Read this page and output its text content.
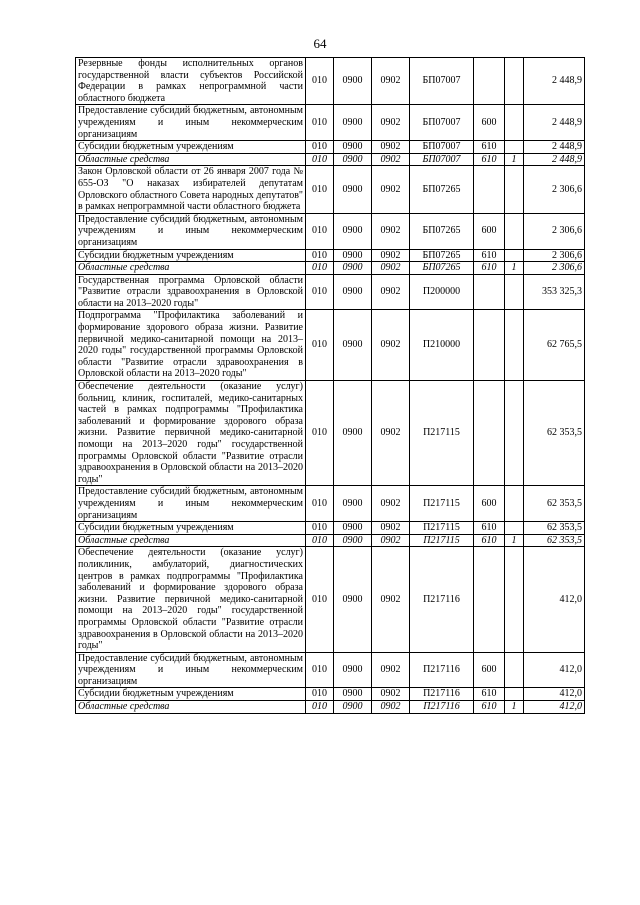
64
Резервные фонды исполнительных органов государственной власти субъектов Российской Федерации в рамках непрограммной части областного бюджета	010	0900	0902	БП07007			2 448,9
Предоставление субсидий бюджетным, автономным учреждениям и иным некоммерческим организациям	010	0900	0902	БП07007	600		2 448,9
Субсидии бюджетным учреждениям	010	0900	0902	БП07007	610		2 448,9
Областные средства	010	0900	0902	БП07007	610	1	2 448,9
Закон Орловской области от 26 января 2007 года № 655-ОЗ "О наказах избирателей депутатам Орловского областного Совета народных депутатов" в рамках непрограммной части областного бюджета	010	0900	0902	БП07265			2 306,6
Предоставление субсидий бюджетным, автономным учреждениям и иным некоммерческим организациям	010	0900	0902	БП07265	600		2 306,6
Субсидии бюджетным учреждениям	010	0900	0902	БП07265	610		2 306,6
Областные средства	010	0900	0902	БП07265	610	1	2 306,6
Государственная программа Орловской области "Развитие отрасли здравоохранения в Орловской области на 2013–2020 годы"	010	0900	0902	П200000			353 325,3
Подпрограмма "Профилактика заболеваний и формирование здорового образа жизни. Развитие первичной медико-санитарной помощи на 2013–2020 годы" государственной программы Орловской области "Развитие отрасли здравоохранения в Орловской области на 2013–2020 годы"	010	0900	0902	П210000			62 765,5
Обеспечение деятельности (оказание услуг) больниц, клиник, госпиталей, медико-санитарных частей в рамках подпрограммы "Профилактика заболеваний и формирование здорового образа жизни. Развитие первичной медико-санитарной помощи на 2013–2020 годы" государственной программы Орловской области "Развитие отрасли здравоохранения в Орловской области на 2013–2020 годы"	010	0900	0902	П217115			62 353,5
Предоставление субсидий бюджетным, автономным учреждениям и иным некоммерческим организациям	010	0900	0902	П217115	600		62 353,5
Субсидии бюджетным учреждениям	010	0900	0902	П217115	610		62 353,5
Областные средства	010	0900	0902	П217115	610	1	62 353,5
Обеспечение деятельности (оказание услуг) поликлиник, амбулаторий, диагностических центров в рамках подпрограммы "Профилактика заболеваний и формирование здорового образа жизни. Развитие первичной медико-санитарной помощи на 2013–2020 годы" государственной программы Орловской области "Развитие отрасли здравоохранения в Орловской области на 2013–2020 годы"	010	0900	0902	П217116			412,0
Предоставление субсидий бюджетным, автономным учреждениям и иным некоммерческим организациям	010	0900	0902	П217116	600		412,0
Субсидии бюджетным учреждениям	010	0900	0902	П217116	610		412,0
Областные средства	010	0900	0902	П217116	610	1	412,0
